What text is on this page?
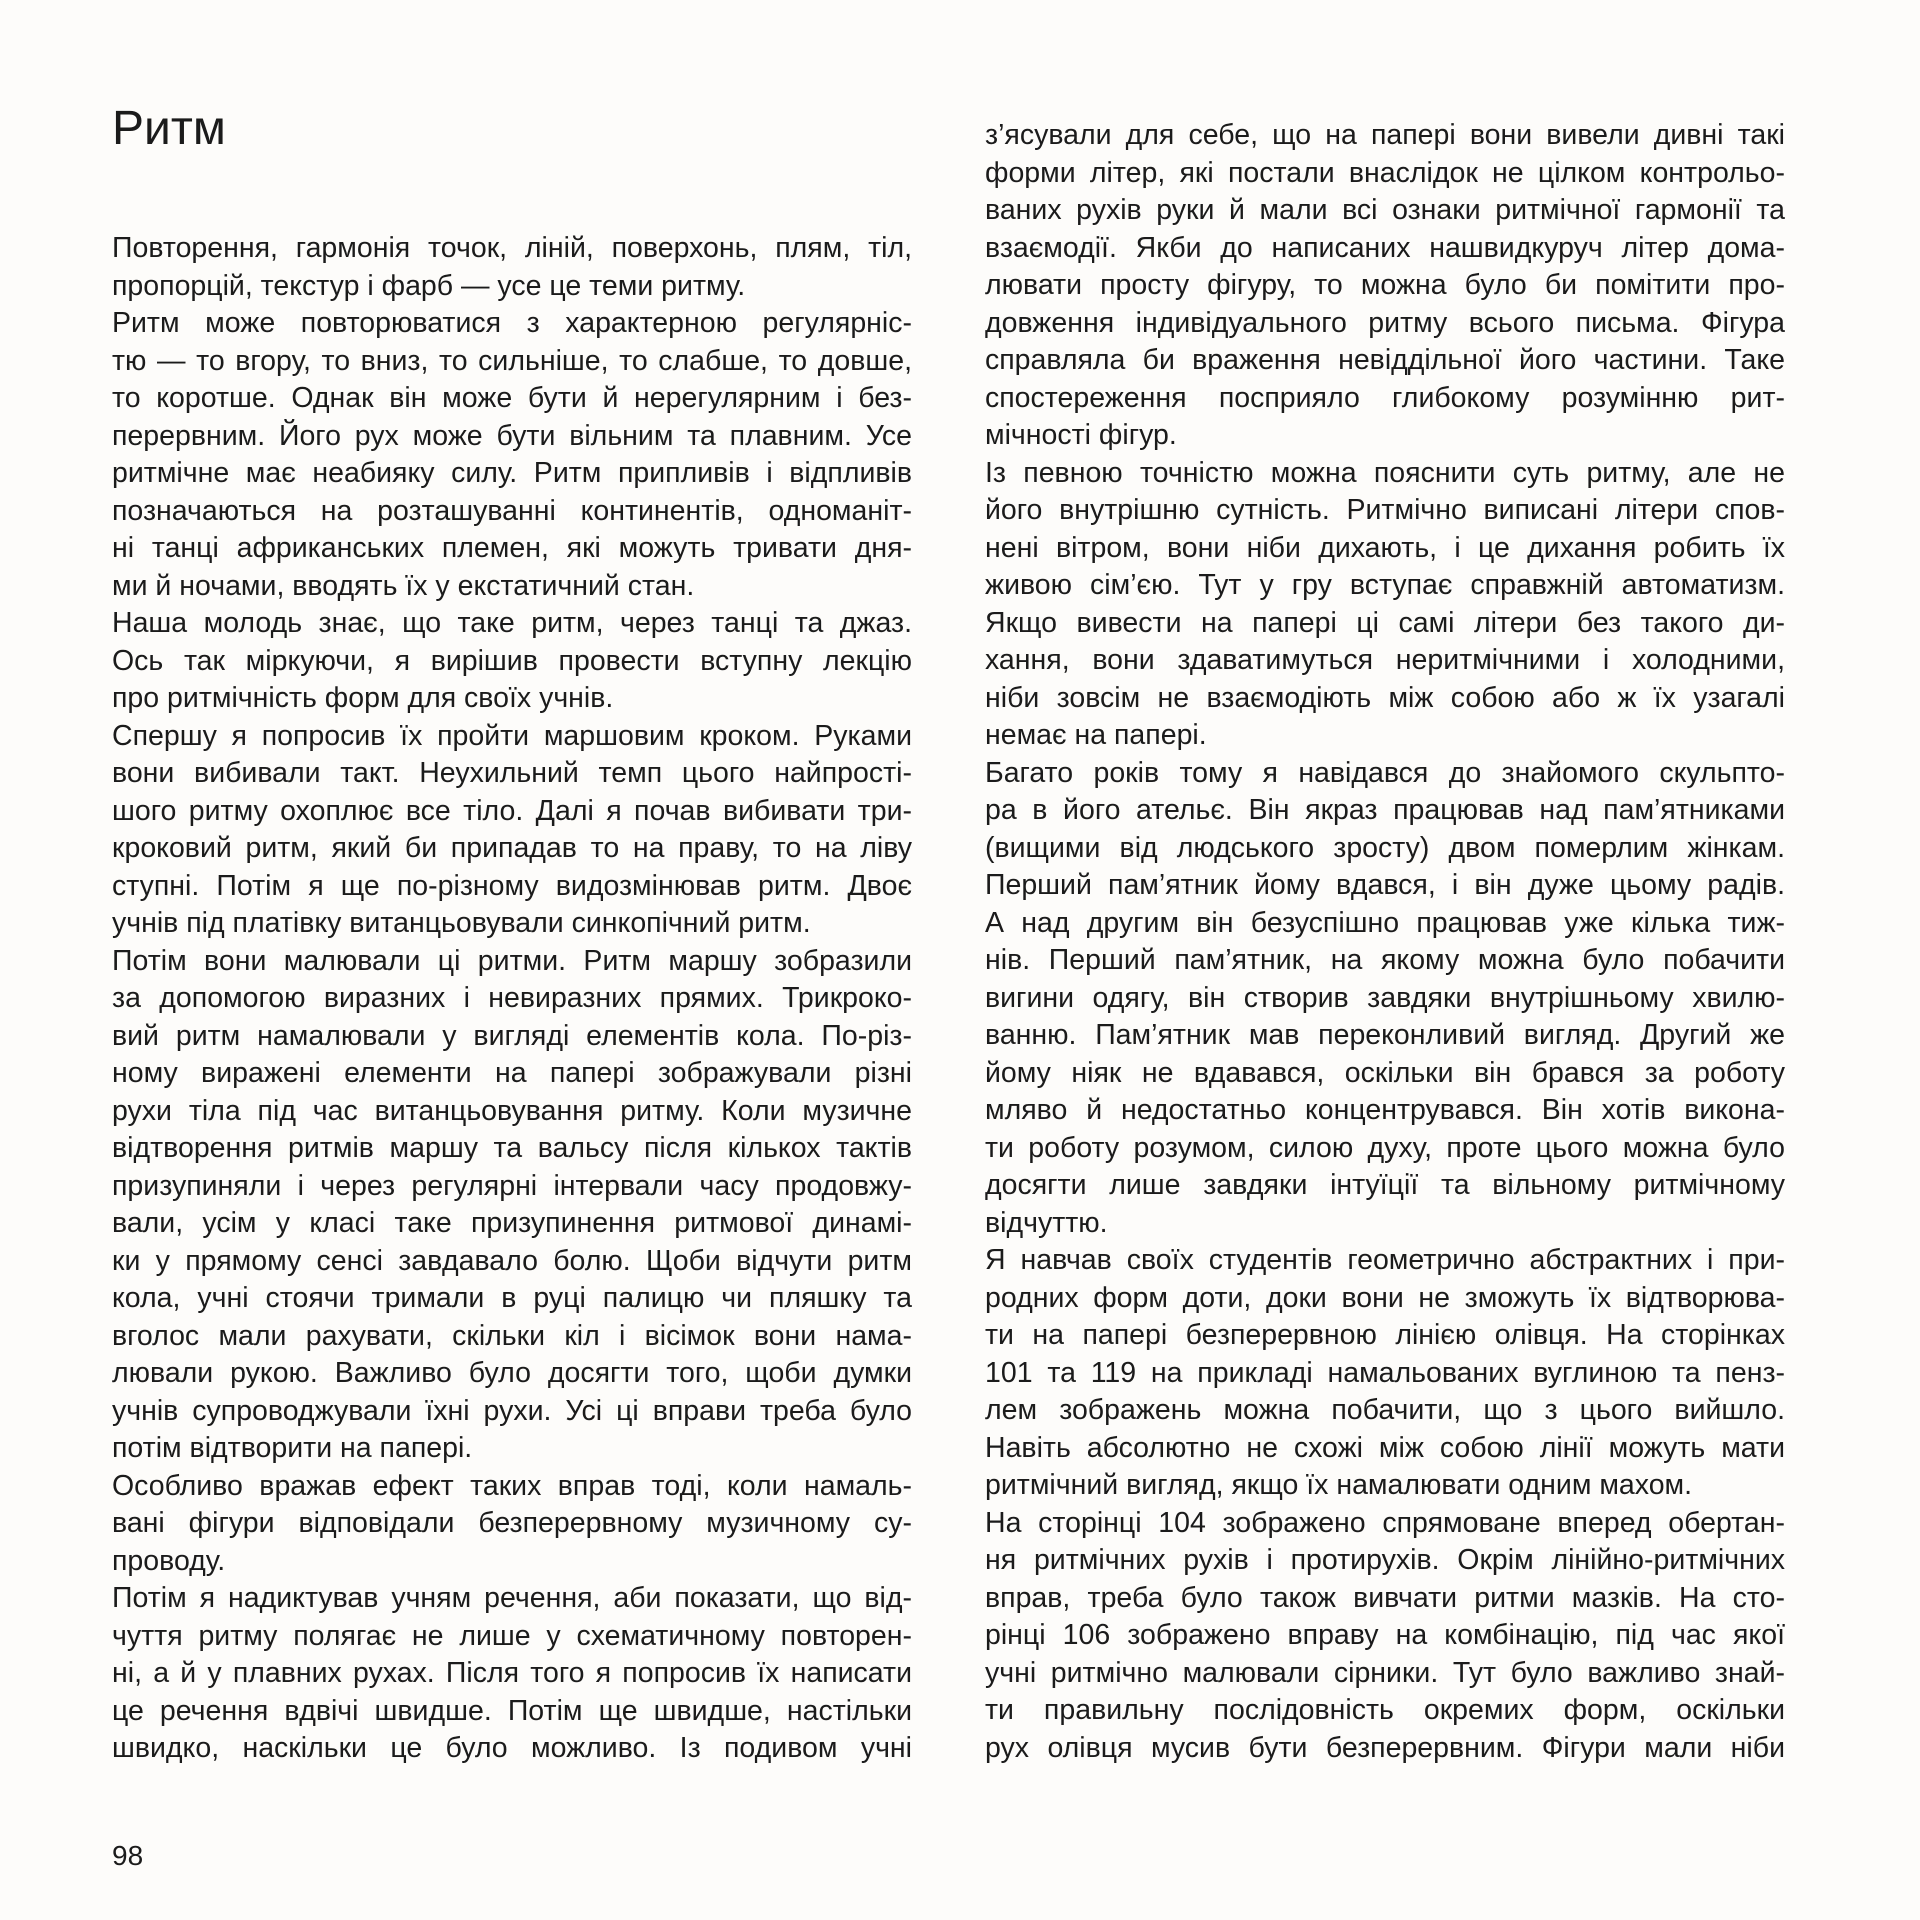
Ритм
Повторення, гармонія точок, ліній, поверхонь, плям, тіл,
пропорцій, текстур і фарб — усе це теми ритму.
Ритм може повторюватися з характерною регулярніс-
тю — то вгору, то вниз, то сильніше, то слабше, то довше,
то коротше. Однак він може бути й нерегулярним і без-
перервним. Його рух може бути вільним та плавним. Усе
ритмічне має неабияку силу. Ритм припливів і відпливів
позначаються на розташуванні континентів, одноманіт-
ні танці африканських племен, які можуть тривати дня-
ми й ночами, вводять їх у екстатичний стан.
Наша молодь знає, що таке ритм, через танці та джаз.
Ось так міркуючи, я вирішив провести вступну лекцію
про ритмічність форм для своїх учнів.
Спершу я попросив їх пройти маршовим кроком. Руками
вони вибивали такт. Неухильний темп цього найпрості-
шого ритму охоплює все тіло. Далі я почав вибивати три-
кроковий ритм, який би припадав то на праву, то на ліву
ступні. Потім я ще по-різному видозмінював ритм. Двоє
учнів під платівку витанцьовували синкопічний ритм.
Потім вони малювали ці ритми. Ритм маршу зобразили
за допомогою виразних і невиразних прямих. Трикроко-
вий ритм намалювали у вигляді елементів кола. По-різ-
ному виражені елементи на папері зображували різні
рухи тіла під час витанцьовування ритму. Коли музичне
відтворення ритмів маршу та вальсу після кількох тактів
призупиняли і через регулярні інтервали часу продовжу-
вали, усім у класі таке призупинення ритмової динамі-
ки у прямому сенсі завдавало болю. Щоби відчути ритм
кола, учні стоячи тримали в руці палицю чи пляшку та
вголос мали рахувати, скільки кіл і вісімок вони нама-
лювали рукою. Важливо було досягти того, щоби думки
учнів супроводжували їхні рухи. Усі ці вправи треба було
потім відтворити на папері.
Особливо вражав ефект таких вправ тоді, коли намаль-
вані фігури відповідали безперервному музичному су-
проводу.
Потім я надиктував учням речення, аби показати, що від-
чуття ритму полягає не лише у схематичному повторен-
ні, а й у плавних рухах. Після того я попросив їх написати
це речення вдвічі швидше. Потім ще швидше, настільки
швидко, наскільки це було можливо. Із подивом учні
з’ясували для себе, що на папері вони вивели дивні такі
форми літер, які постали внаслідок не цілком контрольо-
ваних рухів руки й мали всі ознаки ритмічної гармонії та
взаємодії. Якби до написаних нашвидкуруч літер дома-
лювати просту фігуру, то можна було би помітити про-
довження індивідуального ритму всього письма. Фігура
справляла би враження невіддільної його частини. Таке
спостереження посприяло глибокому розумінню рит-
мічності фігур.
Із певною точністю можна пояснити суть ритму, але не
його внутрішню сутність. Ритмічно виписані літери спов-
нені вітром, вони ніби дихають, і це дихання робить їх
живою сім’єю. Тут у гру вступає справжній автоматизм.
Якщо вивести на папері ці самі літери без такого ди-
хання, вони здаватимуться неритмічними і холодними,
ніби зовсім не взаємодіють між собою або ж їх узагалі
немає на папері.
Багато років тому я навідався до знайомого скульпто-
ра в його ательє. Він якраз працював над пам’ятниками
(вищими від людського зросту) двом померлим жінкам.
Перший пам’ятник йому вдався, і він дуже цьому радів.
А над другим він безуспішно працював уже кілька тиж-
нів. Перший пам’ятник, на якому можна було побачити
вигини одягу, він створив завдяки внутрішньому хвилю-
ванню. Пам’ятник мав переконливий вигляд. Другий же
йому ніяк не вдавався, оскільки він брався за роботу
мляво й недостатньо концентрувався. Він хотів викона-
ти роботу розумом, силою духу, проте цього можна було
досягти лише завдяки інтуїції та вільному ритмічному
відчуттю.
Я навчав своїх студентів геометрично абстрактних і при-
родних форм доти, доки вони не зможуть їх відтворюва-
ти на папері безперервною лінією олівця. На сторінках
101 та 119 на прикладі намальованих вуглиною та пенз-
лем зображень можна побачити, що з цього вийшло.
Навіть абсолютно не схожі між собою лінії можуть мати
ритмічний вигляд, якщо їх намалювати одним махом.
На сторінці 104 зображено спрямоване вперед обертан-
ня ритмічних рухів і протирухів. Окрім лінійно-ритмічних
вправ, треба було також вивчати ритми мазків. На сто-
рінці 106 зображено вправу на комбінацію, під час якої
учні ритмічно малювали сірники. Тут було важливо знай-
ти правильну послідовність окремих форм, оскільки
рух олівця мусив бути безперервним. Фігури мали ніби
98
